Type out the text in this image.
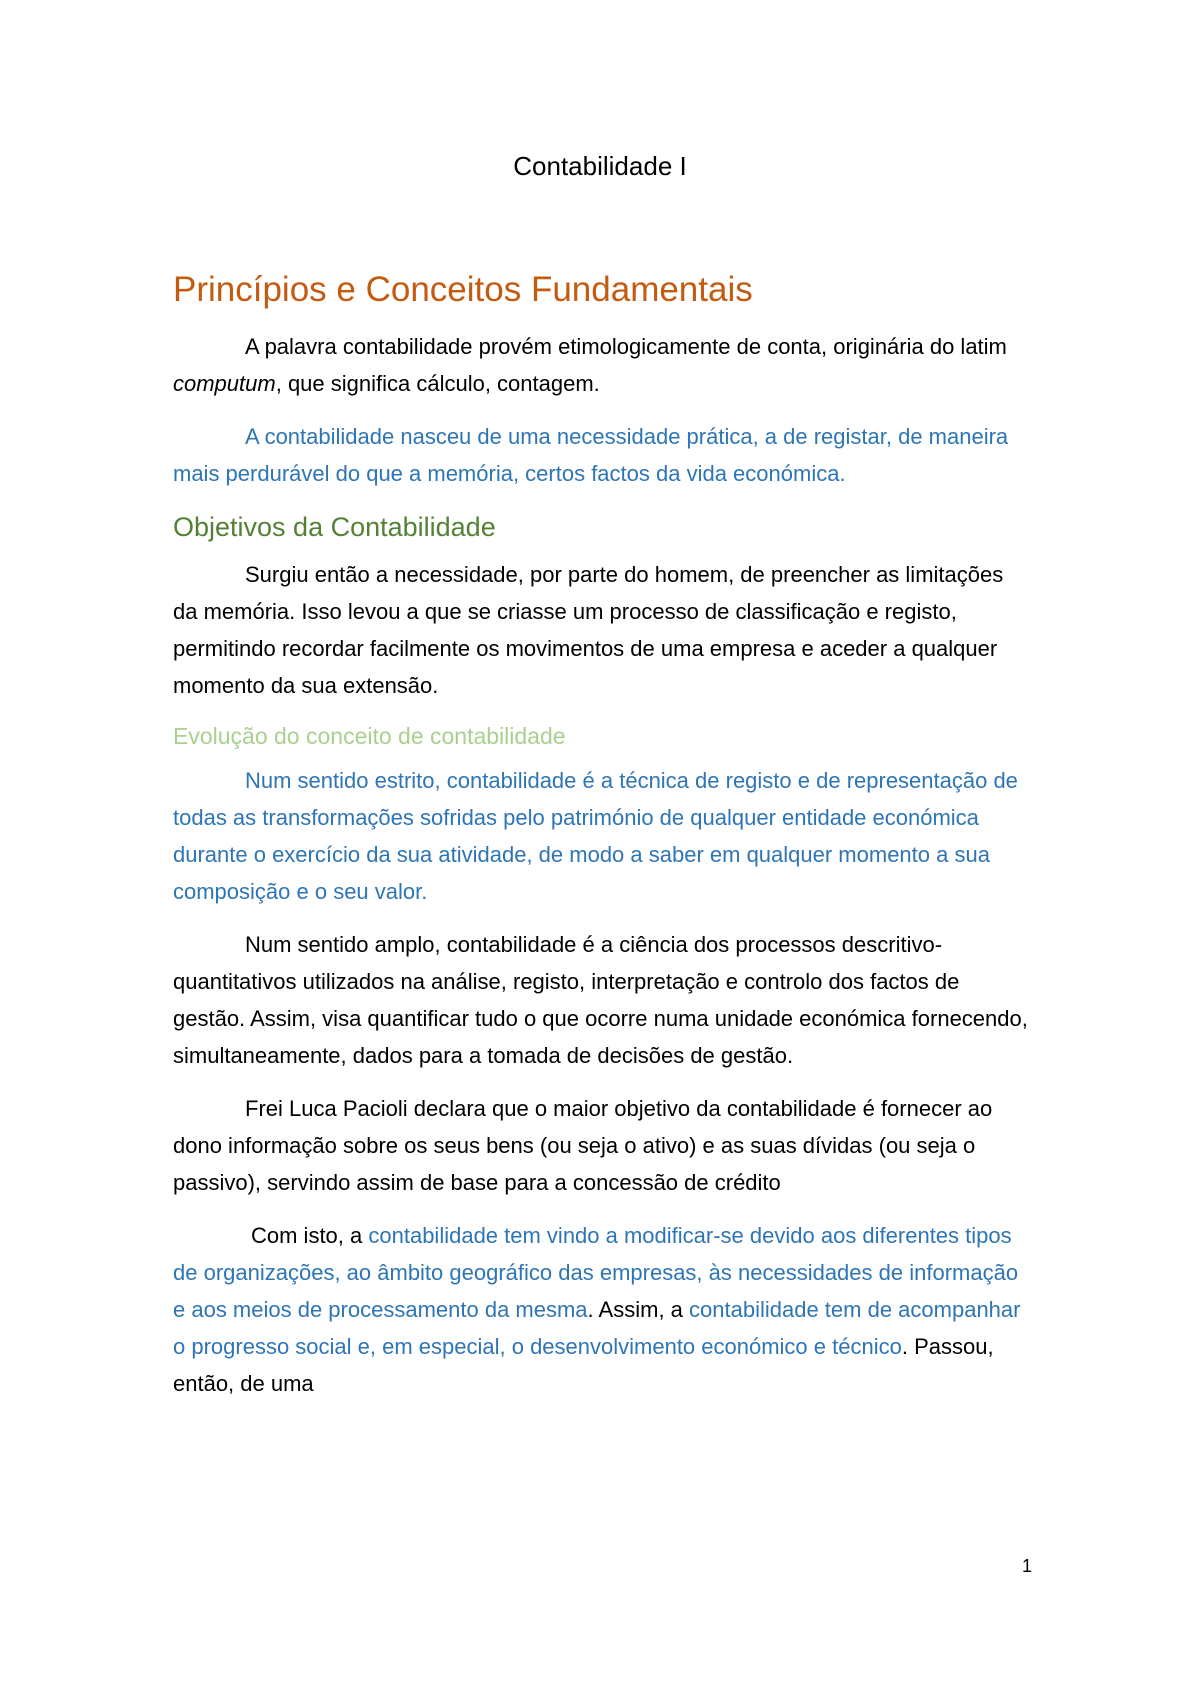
Contabilidade I
Princípios e Conceitos Fundamentais

A palavra contabilidade provém etimologicamente de conta, originária do latim computum, que significa cálculo, contagem.

A contabilidade nasceu de uma necessidade prática, a de registar, de maneira mais perdurável do que a memória, certos factos da vida económica.

Objetivos da Contabilidade

Surgiu então a necessidade, por parte do homem, de preencher as limitações da memória. Isso levou a que se criasse um processo de classificação e registo, permitindo recordar facilmente os movimentos de uma empresa e aceder a qualquer momento da sua extensão.

Evolução do conceito de contabilidade

Num sentido estrito, contabilidade é a técnica de registo e de representação de todas as transformações sofridas pelo património de qualquer entidade económica durante o exercício da sua atividade, de modo a saber em qualquer momento a sua composição e o seu valor.

Num sentido amplo, contabilidade é a ciência dos processos descritivo-quantitativos utilizados na análise, registo, interpretação e controlo dos factos de gestão. Assim, visa quantificar tudo o que ocorre numa unidade económica fornecendo, simultaneamente, dados para a tomada de decisões de gestão.

Frei Luca Pacioli declara que o maior objetivo da contabilidade é fornecer ao dono informação sobre os seus bens (ou seja o ativo) e as suas dívidas (ou seja o passivo), servindo assim de base para a concessão de crédito

Com isto, a contabilidade tem vindo a modificar-se devido aos diferentes tipos de organizações, ao âmbito geográfico das empresas, às necessidades de informação e aos meios de processamento da mesma. Assim, a contabilidade tem de acompanhar o progresso social e, em especial, o desenvolvimento económico e técnico. Passou, então, de uma

1
